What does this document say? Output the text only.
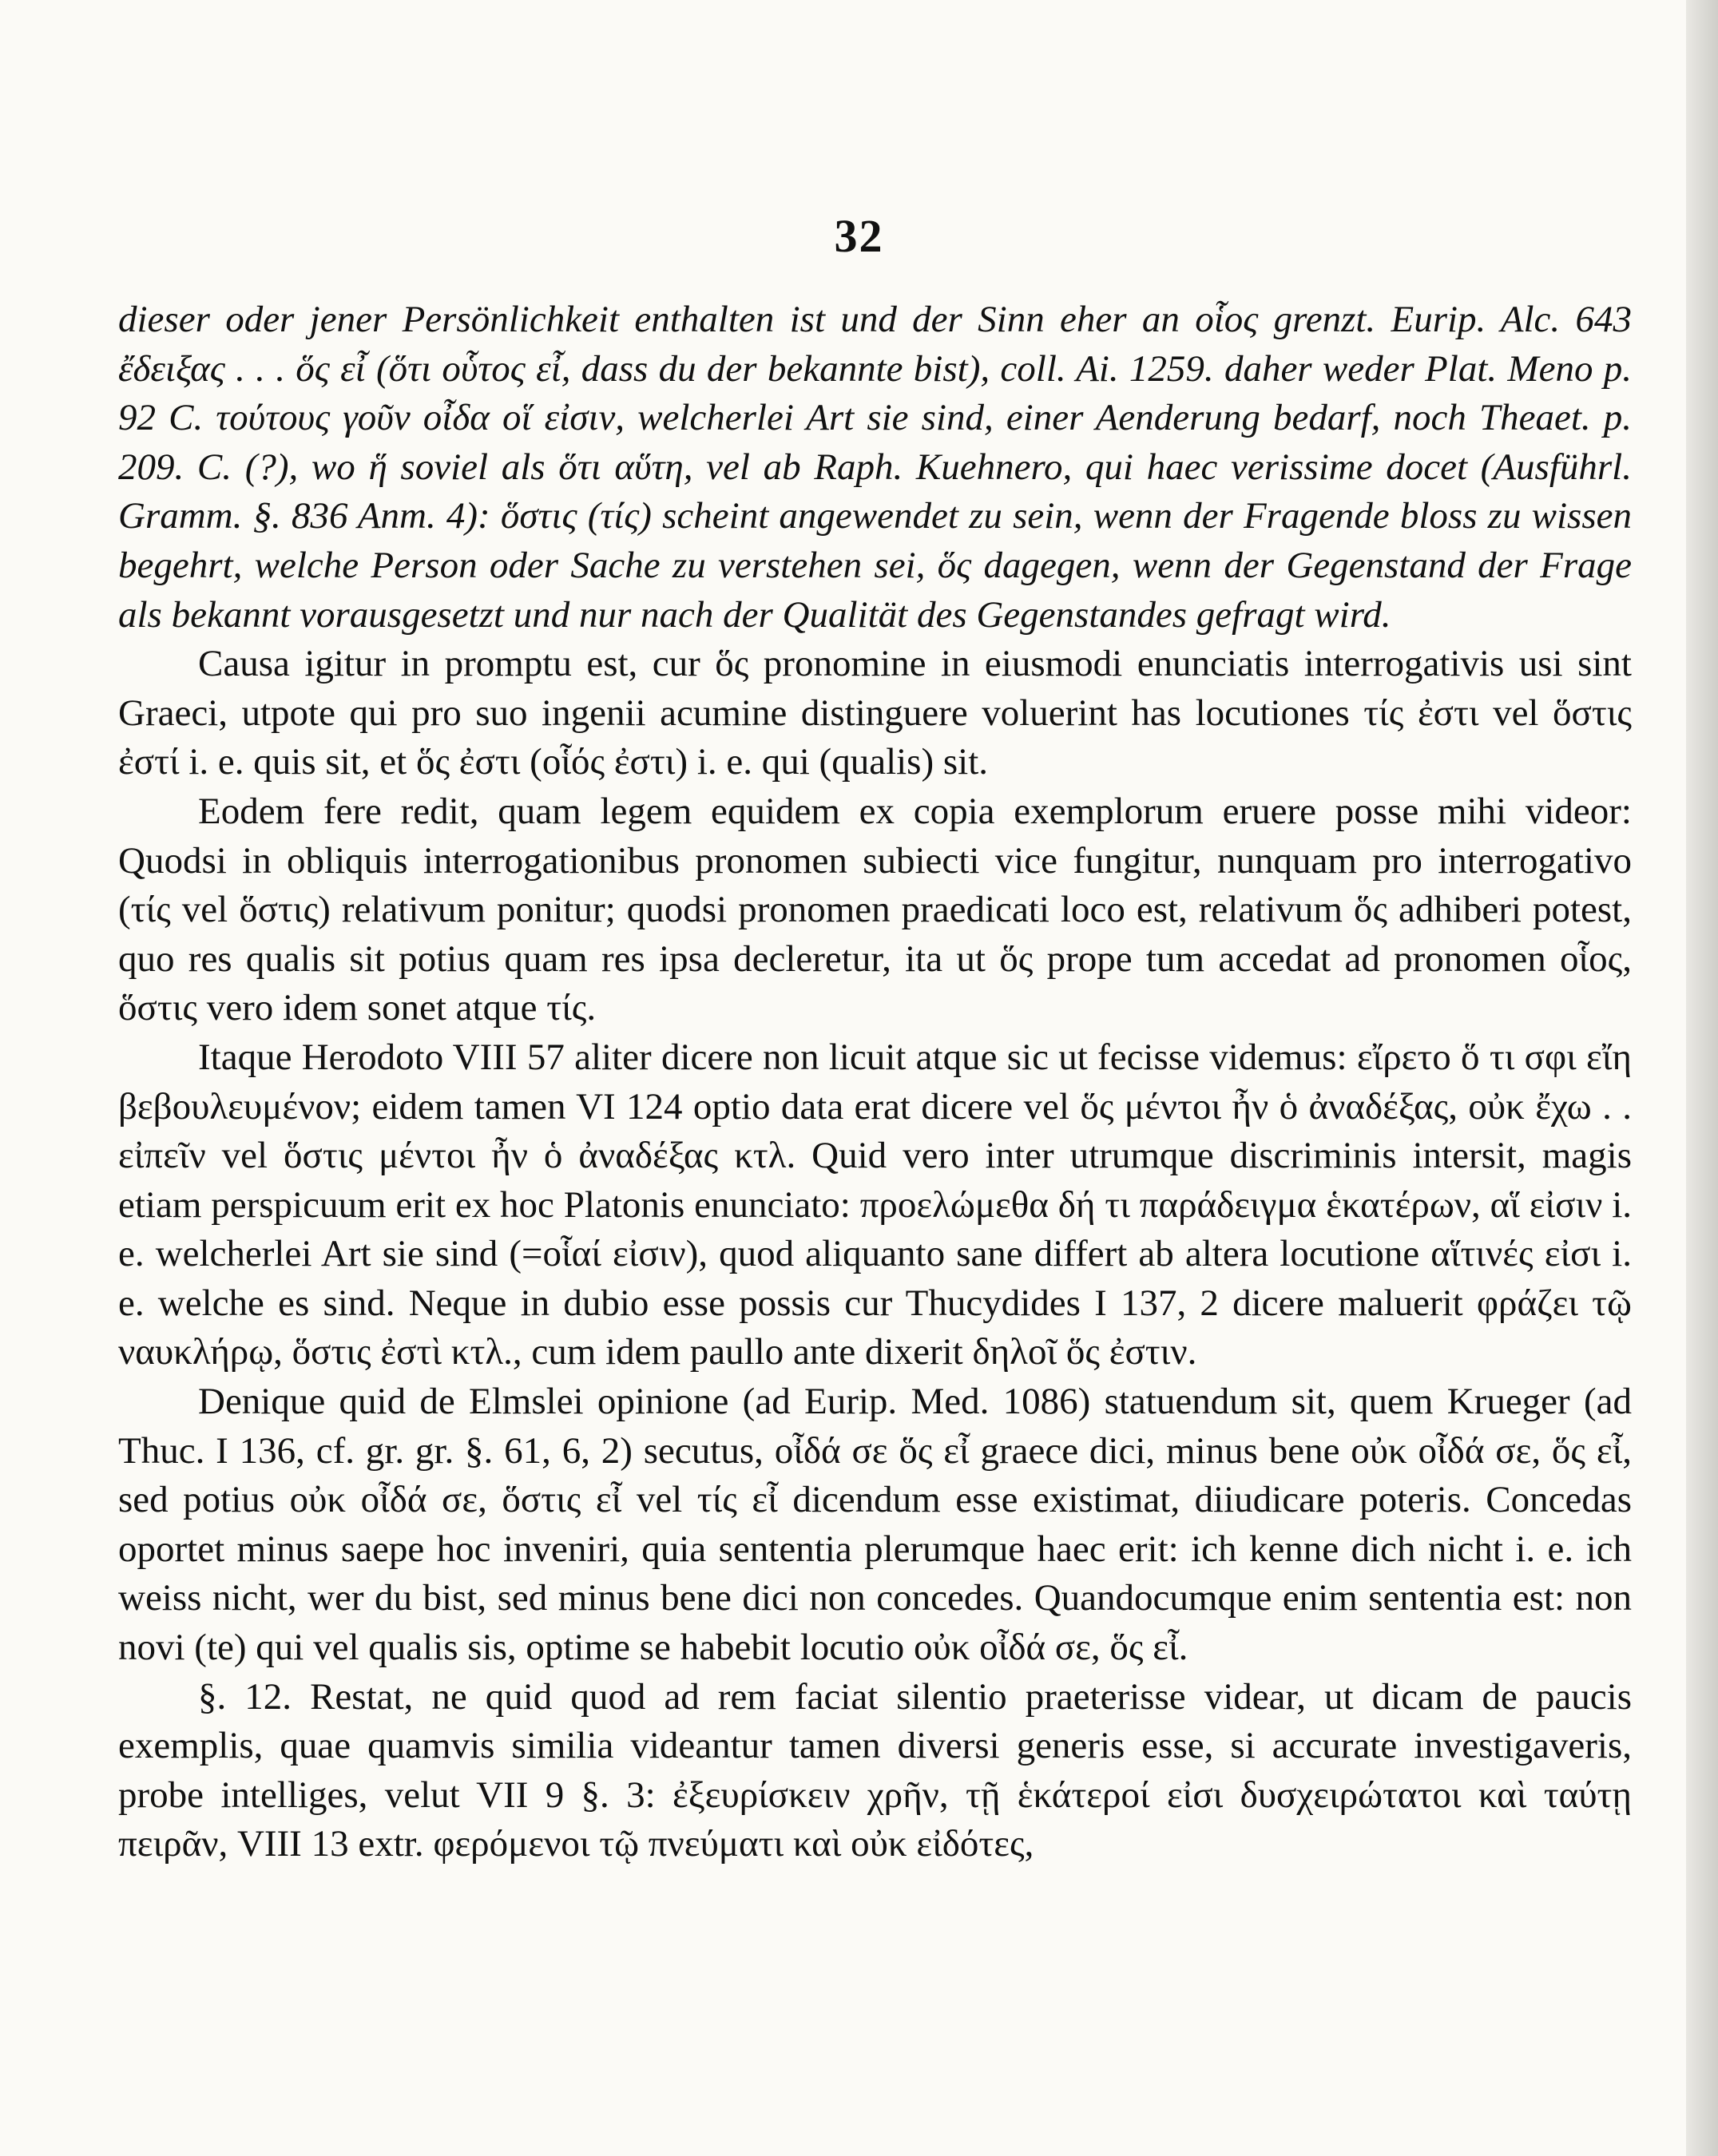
32

dieser oder jener Persönlichkeit enthalten ist und der Sinn eher an οἷος grenzt. Eurip. Alc. 643 ἔδειξας . . . ὅς εἶ (ὅτι οὗτος εἶ, dass du der bekannte bist), coll. Ai. 1259. daher weder Plat. Meno p. 92 C. τούτους γοῦν οἶδα οἵ εἰσιν, welcherlei Art sie sind, einer Aenderung bedarf, noch Theaet. p. 209. C. (?), wo ἥ soviel als ὅτι αὕτη, vel ab Raph. Kuehnero, qui haec verissime docet (Ausführl. Gramm. §. 836 Anm. 4): ὅστις (τίς) scheint angewendet zu sein, wenn der Fragende bloss zu wissen begehrt, welche Person oder Sache zu verstehen sei, ὅς dagegen, wenn der Gegenstand der Frage als bekannt vorausgesetzt und nur nach der Qualität des Gegenstandes gefragt wird.

Causa igitur in promptu est, cur ὅς pronomine in eiusmodi enunciatis interrogativis usi sint Graeci, utpote qui pro suo ingenii acumine distinguere voluerint has locutiones τίς ἐστι vel ὅστις ἐστί i. e. quis sit, et ὅς ἐστι (οἷός ἐστι) i. e. qui (qualis) sit.

Eodem fere redit, quam legem equidem ex copia exemplorum eruere posse mihi videor: Quodsi in obliquis interrogationibus pronomen subiecti vice fungitur, nunquam pro interrogativo (τίς vel ὅστις) relativum ponitur; quodsi pronomen praedicati loco est, relativum ὅς adhiberi potest, quo res qualis sit potius quam res ipsa decleretur, ita ut ὅς prope tum accedat ad pronomen οἷος, ὅστις vero idem sonet atque τίς.

Itaque Herodoto VIII 57 aliter dicere non licuit atque sic ut fecisse videmus: εἴρετο ὅ τι σφι εἴη βεβουλευμένον; eidem tamen VI 124 optio data erat dicere vel ὅς μέντοι ἦν ὁ ἀναδέξας, οὐκ ἔχω . . εἰπεῖν vel ὅστις μέντοι ἦν ὁ ἀναδέξας κτλ. Quid vero inter utrumque discriminis intersit, magis etiam perspicuum erit ex hoc Platonis enunciato: προελώμεθα δή τι παράδειγμα ἑκατέρων, αἵ εἰσιν i. e. welcherlei Art sie sind (=οἷαί εἰσιν), quod aliquanto sane differt ab altera locutione αἵτινές εἰσι i. e. welche es sind. Neque in dubio esse possis cur Thucydides I 137, 2 dicere maluerit φράζει τῷ ναυκλήρῳ, ὅστις ἐστὶ κτλ., cum idem paullo ante dixerit δηλοῖ ὅς ἐστιν.

Denique quid de Elmslei opinione (ad Eurip. Med. 1086) statuendum sit, quem Krueger (ad Thuc. I 136, cf. gr. gr. §. 61, 6, 2) secutus, οἶδά σε ὅς εἶ graece dici, minus bene οὐκ οἶδά σε, ὅς εἶ, sed potius οὐκ οἶδά σε, ὅστις εἶ vel τίς εἶ dicendum esse existimat, diiudicare poteris. Concedas oportet minus saepe hoc inveniri, quia sententia plerumque haec erit: ich kenne dich nicht i. e. ich weiss nicht, wer du bist, sed minus bene dici non concedes. Quandocumque enim sententia est: non novi (te) qui vel qualis sis, optime se habebit locutio οὐκ οἶδά σε, ὅς εἶ.

§. 12. Restat, ne quid quod ad rem faciat silentio praeterisse videar, ut dicam de paucis exemplis, quae quamvis similia videantur tamen diversi generis esse, si accurate investigaveris, probe intelliges, velut VII 9 §. 3: ἐξευρίσκειν χρῆν, τῇ ἑκάτεροί εἰσι δυσχειρώτατοι καὶ ταύτῃ πειρᾶν, VIII 13 extr. φερόμενοι τῷ πνεύματι καὶ οὐκ εἰδότες,
